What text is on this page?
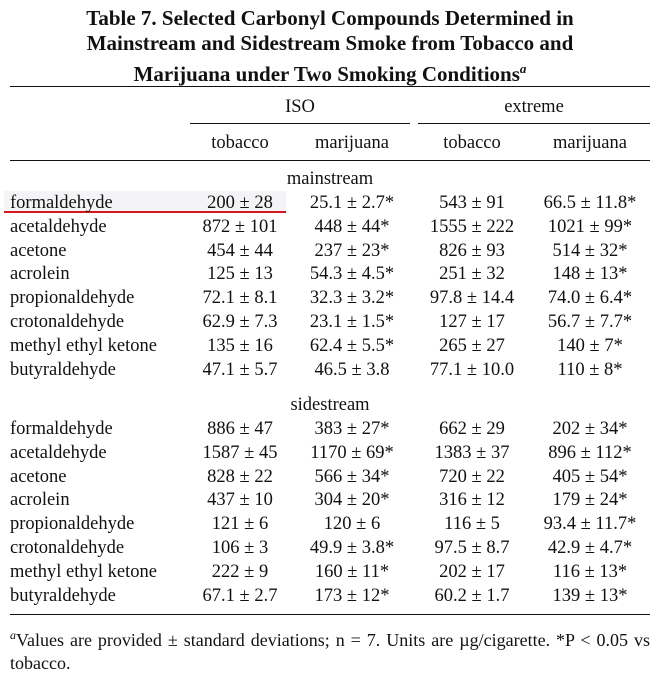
Table 7. Selected Carbonyl Compounds Determined in
Mainstream and Sidestream Smoke from Tobacco and
Marijuana under Two Smoking Conditions$^a$
ISO	extreme
tobacco	marijuana	tobacco	marijuana
mainstream
formaldehyde	200 ± 28	25.1 ± 2.7*	543 ± 91	66.5 ± 11.8*
acetaldehyde	872 ± 101	448 ± 44*	1555 ± 222	1021 ± 99*
acetone	454 ± 44	237 ± 23*	826 ± 93	514 ± 32*
acrolein	125 ± 13	54.3 ± 4.5*	251 ± 32	148 ± 13*
propionaldehyde	72.1 ± 8.1	32.3 ± 3.2*	97.8 ± 14.4	74.0 ± 6.4*
crotonaldehyde	62.9 ± 7.3	23.1 ± 1.5*	127 ± 17	56.7 ± 7.7*
methyl ethyl ketone	135 ± 16	62.4 ± 5.5*	265 ± 27	140 ± 7*
butyraldehyde	47.1 ± 5.7	46.5 ± 3.8	77.1 ± 10.0	110 ± 8*
sidestream
formaldehyde	886 ± 47	383 ± 27*	662 ± 29	202 ± 34*
acetaldehyde	1587 ± 45	1170 ± 69*	1383 ± 37	896 ± 112*
acetone	828 ± 22	566 ± 34*	720 ± 22	405 ± 54*
acrolein	437 ± 10	304 ± 20*	316 ± 12	179 ± 24*
propionaldehyde	121 ± 6	120 ± 6	116 ± 5	93.4 ± 11.7*
crotonaldehyde	106 ± 3	49.9 ± 3.8*	97.5 ± 8.7	42.9 ± 4.7*
methyl ethyl ketone	222 ± 9	160 ± 11*	202 ± 17	116 ± 13*
butyraldehyde	67.1 ± 2.7	173 ± 12*	60.2 ± 1.7	139 ± 13*
$^a$Values are provided ± standard deviations; n = 7. Units are µg/cigarette. *P < 0.05 vs tobacco.
